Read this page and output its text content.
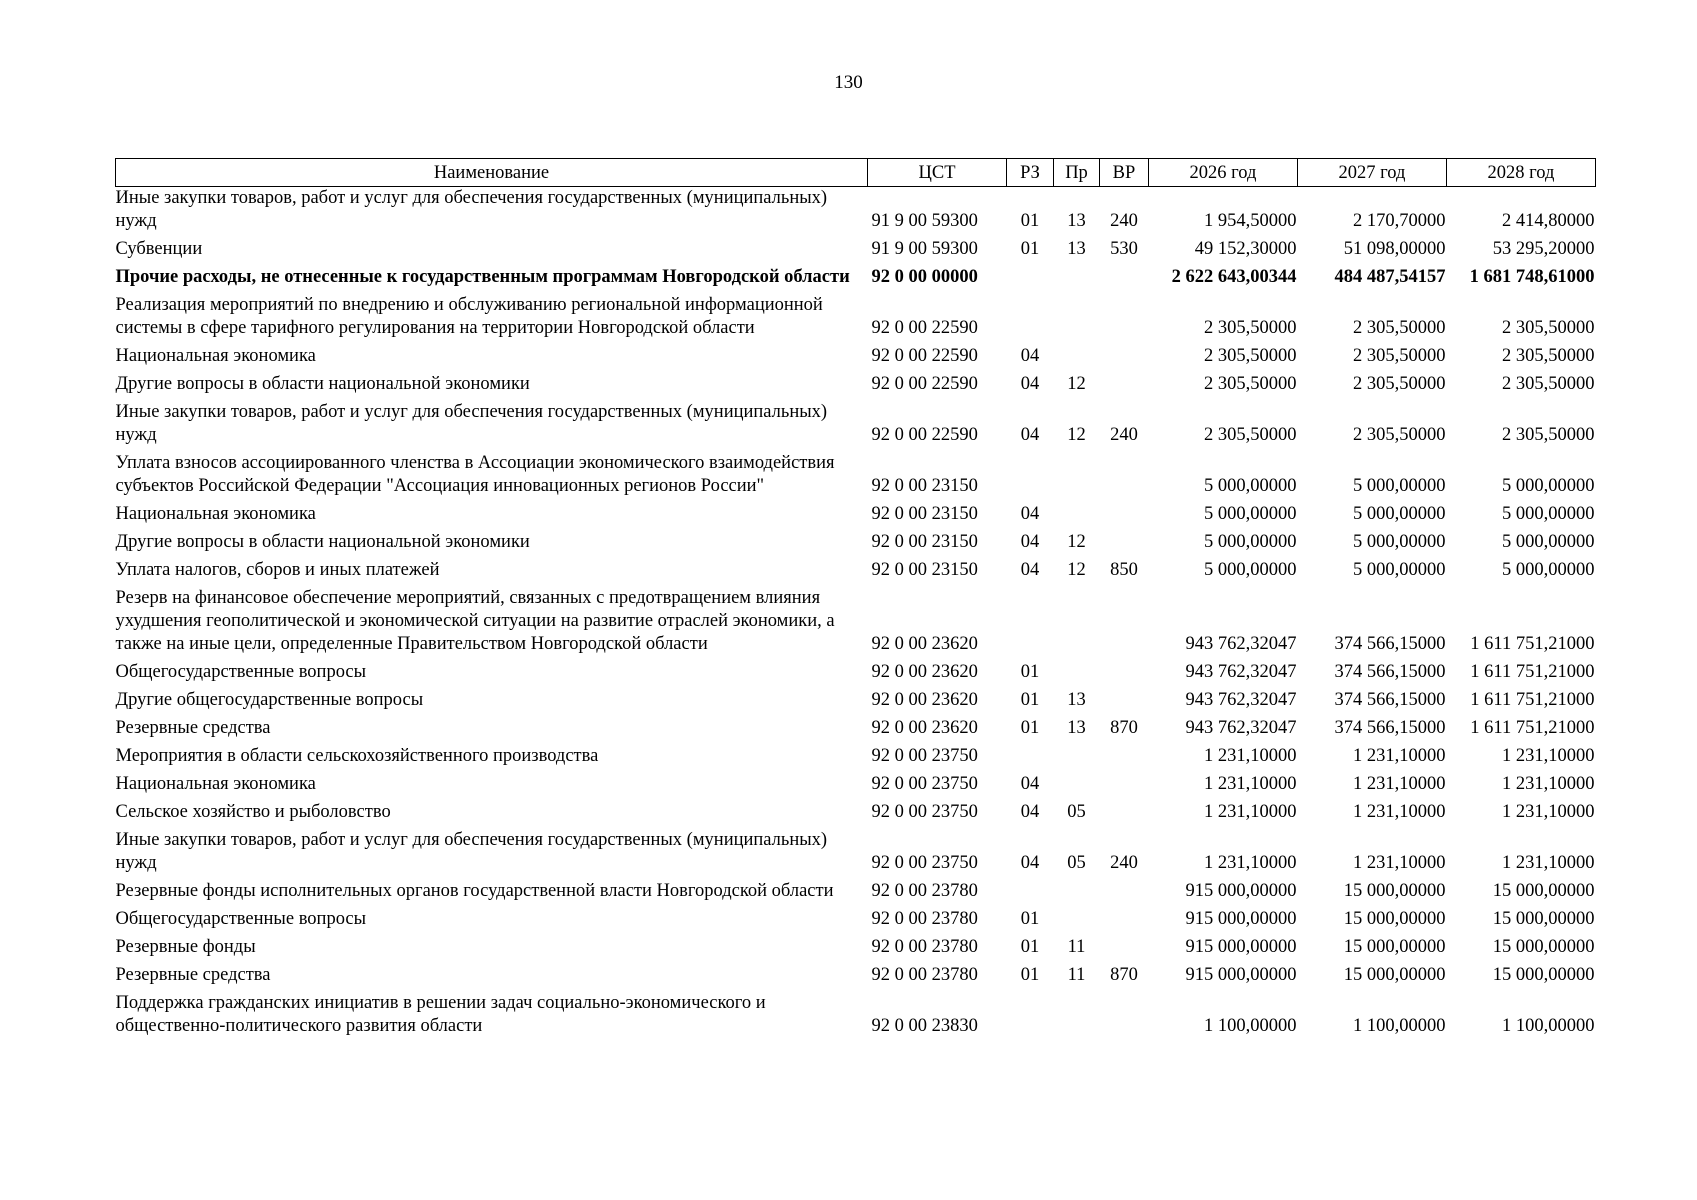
130
Наименование	ЦСТ	РЗ	Пр	ВР	2026 год	2027 год	2028 год
Иные закупки товаров, работ и услуг для обеспечения государственных (муниципальных) нужд	91 9 00 59300	01	13	240	1 954,50000	2 170,70000	2 414,80000
Субвенции	91 9 00 59300	01	13	530	49 152,30000	51 098,00000	53 295,20000
Прочие расходы, не отнесенные к государственным программам Новгородской области	92 0 00 00000				2 622 643,00344	484 487,54157	1 681 748,61000
Реализация мероприятий по внедрению и обслуживанию региональной информационной системы в сфере тарифного регулирования на территории Новгородской области	92 0 00 22590				2 305,50000	2 305,50000	2 305,50000
Национальная экономика	92 0 00 22590	04			2 305,50000	2 305,50000	2 305,50000
Другие вопросы в области национальной экономики	92 0 00 22590	04	12		2 305,50000	2 305,50000	2 305,50000
Иные закупки товаров, работ и услуг для обеспечения государственных (муниципальных) нужд	92 0 00 22590	04	12	240	2 305,50000	2 305,50000	2 305,50000
Уплата взносов ассоциированного членства в Ассоциации экономического взаимодействия субъектов Российской Федерации "Ассоциация инновационных регионов России"	92 0 00 23150				5 000,00000	5 000,00000	5 000,00000
Национальная экономика	92 0 00 23150	04			5 000,00000	5 000,00000	5 000,00000
Другие вопросы в области национальной экономики	92 0 00 23150	04	12		5 000,00000	5 000,00000	5 000,00000
Уплата налогов, сборов и иных платежей	92 0 00 23150	04	12	850	5 000,00000	5 000,00000	5 000,00000
Резерв на финансовое обеспечение мероприятий, связанных с предотвращением влияния ухудшения геополитической и экономической ситуации на развитие отраслей экономики, а также на иные цели, определенные Правительством Новгородской области	92 0 00 23620				943 762,32047	374 566,15000	1 611 751,21000
Общегосударственные вопросы	92 0 00 23620	01			943 762,32047	374 566,15000	1 611 751,21000
Другие общегосударственные вопросы	92 0 00 23620	01	13		943 762,32047	374 566,15000	1 611 751,21000
Резервные средства	92 0 00 23620	01	13	870	943 762,32047	374 566,15000	1 611 751,21000
Мероприятия в области сельскохозяйственного производства	92 0 00 23750				1 231,10000	1 231,10000	1 231,10000
Национальная экономика	92 0 00 23750	04			1 231,10000	1 231,10000	1 231,10000
Сельское хозяйство и рыболовство	92 0 00 23750	04	05		1 231,10000	1 231,10000	1 231,10000
Иные закупки товаров, работ и услуг для обеспечения государственных (муниципальных) нужд	92 0 00 23750	04	05	240	1 231,10000	1 231,10000	1 231,10000
Резервные фонды исполнительных органов государственной власти Новгородской области	92 0 00 23780				915 000,00000	15 000,00000	15 000,00000
Общегосударственные вопросы	92 0 00 23780	01			915 000,00000	15 000,00000	15 000,00000
Резервные фонды	92 0 00 23780	01	11		915 000,00000	15 000,00000	15 000,00000
Резервные средства	92 0 00 23780	01	11	870	915 000,00000	15 000,00000	15 000,00000
Поддержка гражданских инициатив в решении задач социально-экономического и общественно-политического развития области	92 0 00 23830				1 100,00000	1 100,00000	1 100,00000
